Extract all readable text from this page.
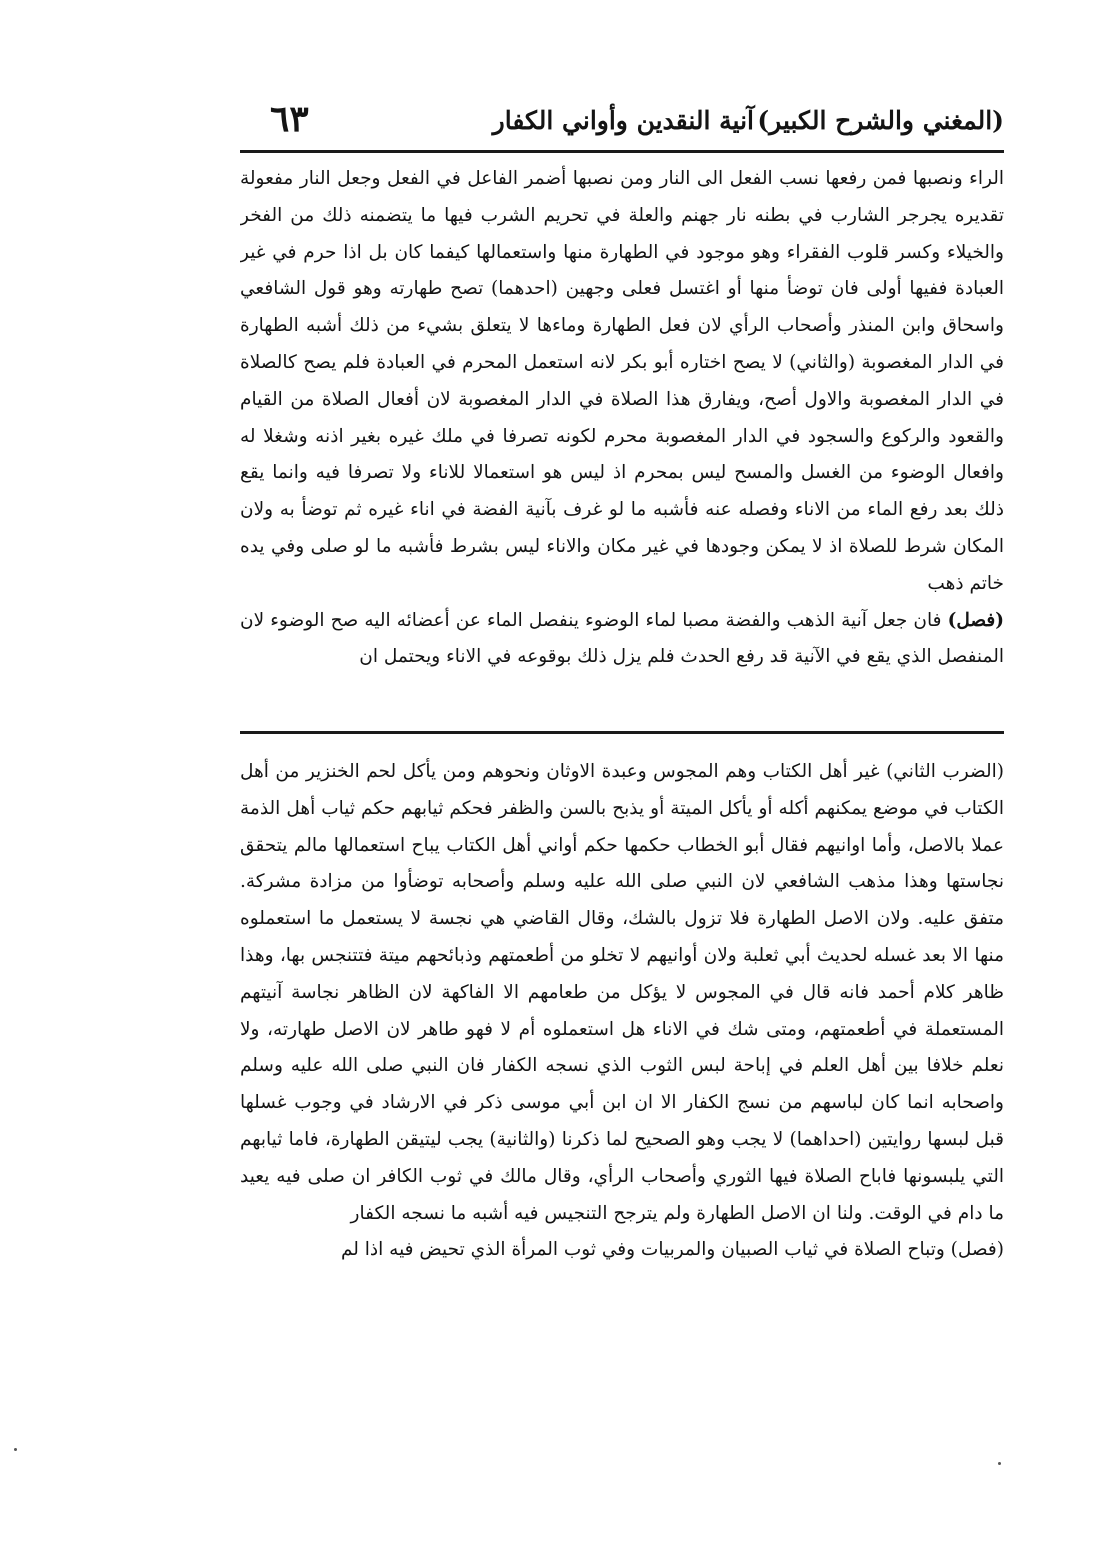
(المغني والشرح الكبير)
آنية النقدين وأواني الكفار
٦٣

الراء ونصبها فمن رفعها نسب الفعل الى النار ومن نصبها أضمر الفاعل في الفعل وجعل النار مفعولة تقديره يجرجر الشارب في بطنه نار جهنم والعلة في تحريم الشرب فيها ما يتضمنه ذلك من الفخر والخيلاء وكسر قلوب الفقراء وهو موجود في الطهارة منها واستعمالها كيفما كان بل اذا حرم في غير العبادة ففيها أولى فان توضأ منها أو اغتسل فعلى وجهين (احدهما) تصح طهارته وهو قول الشافعي واسحاق وابن المنذر وأصحاب الرأي لان فعل الطهارة وماءها لا يتعلق بشيء من ذلك أشبه الطهارة في الدار المغصوبة (والثاني) لا يصح اختاره أبو بكر لانه استعمل المحرم في العبادة فلم يصح كالصلاة في الدار المغصوبة والاول أصح، ويفارق هذا الصلاة في الدار المغصوبة لان أفعال الصلاة من القيام والقعود والركوع والسجود في الدار المغصوبة محرم لكونه تصرفا في ملك غيره بغير اذنه وشغلا له وافعال الوضوء من الغسل والمسح ليس بمحرم اذ ليس هو استعمالا للاناء ولا تصرفا فيه وانما يقع ذلك بعد رفع الماء من الاناء وفصله عنه فأشبه ما لو غرف بآنية الفضة في اناء غيره ثم توضأ به ولان المكان شرط للصلاة اذ لا يمكن وجودها في غير مكان والاناء ليس بشرط فأشبه ما لو صلى وفي يده خاتم ذهب

(فصل) فان جعل آنية الذهب والفضة مصبا لماء الوضوء ينفصل الماء عن أعضائه اليه صح الوضوء لان المنفصل الذي يقع في الآنية قد رفع الحدث فلم يزل ذلك بوقوعه في الاناء ويحتمل ان

(الضرب الثاني) غير أهل الكتاب وهم المجوس وعبدة الاوثان ونحوهم ومن يأكل لحم الخنزير من أهل الكتاب في موضع يمكنهم أكله أو يأكل الميتة أو يذبح بالسن والظفر فحكم ثيابهم حكم ثياب أهل الذمة عملا بالاصل، وأما اوانيهم فقال أبو الخطاب حكمها حكم أواني أهل الكتاب يباح استعمالها مالم يتحقق نجاستها وهذا مذهب الشافعي لان النبي صلى الله عليه وسلم وأصحابه توضأوا من مزادة مشركة. متفق عليه. ولان الاصل الطهارة فلا تزول بالشك، وقال القاضي هي نجسة لا يستعمل ما استعملوه منها الا بعد غسله لحديث أبي ثعلبة ولان أوانيهم لا تخلو من أطعمتهم وذبائحهم ميتة فتتنجس بها، وهذا ظاهر كلام أحمد فانه قال في المجوس لا يؤكل من طعامهم الا الفاكهة لان الظاهر نجاسة آنيتهم المستعملة في أطعمتهم، ومتى شك في الاناء هل استعملوه أم لا فهو طاهر لان الاصل طهارته، ولا نعلم خلافا بين أهل العلم في إباحة لبس الثوب الذي نسجه الكفار فان النبي صلى الله عليه وسلم واصحابه انما كان لباسهم من نسج الكفار الا ان ابن أبي موسى ذكر في الارشاد في وجوب غسلها قبل لبسها روايتين (احداهما) لا يجب وهو الصحيح لما ذكرنا (والثانية) يجب ليتيقن الطهارة، فاما ثيابهم التي يلبسونها فاباح الصلاة فيها الثوري وأصحاب الرأي، وقال مالك في ثوب الكافر ان صلى فيه يعيد ما دام في الوقت. ولنا ان الاصل الطهارة ولم يترجح التنجيس فيه أشبه ما نسجه الكفار

(فصل) وتباح الصلاة في ثياب الصبيان والمربيات وفي ثوب المرأة الذي تحيض فيه اذا لم
